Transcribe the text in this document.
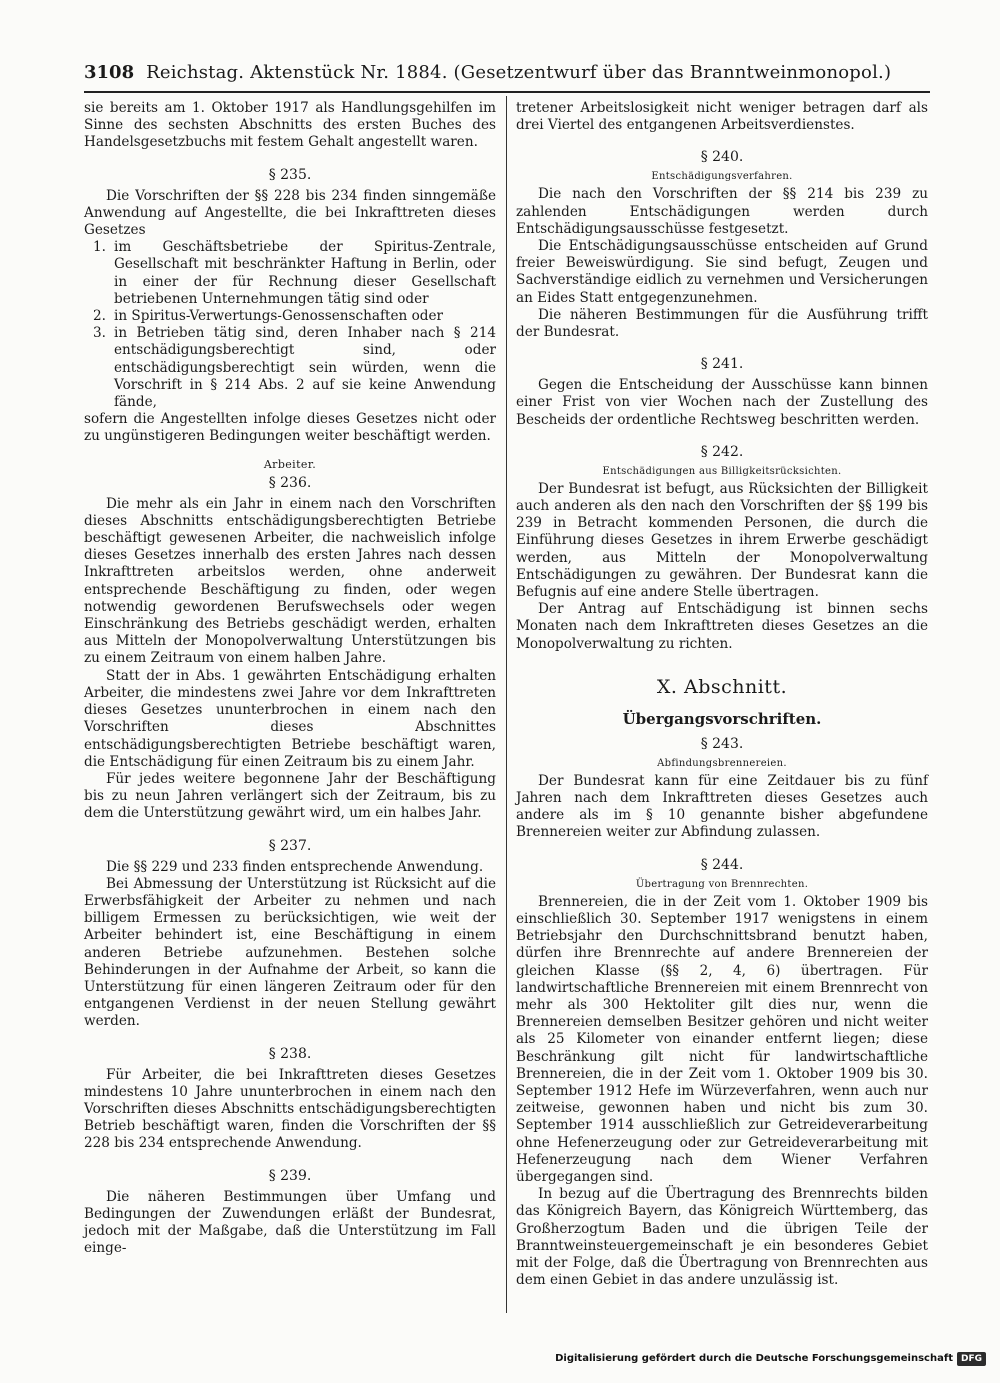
3108 Reichstag. Aktenstück Nr. 1884. (Gesetzentwurf über das Branntweinmonopol.)

sie bereits am 1. Oktober 1917 als Handlungsgehilfen im Sinne des sechsten Abschnitts des ersten Buches des Handelsgesetzbuchs mit festem Gehalt angestellt waren.

§ 235.

Die Vorschriften der §§ 228 bis 234 finden sinngemäße Anwendung auf Angestellte, die bei Inkrafttreten dieses Gesetzes

1. im Geschäftsbetriebe der Spiritus-Zentrale, Gesellschaft mit beschränkter Haftung in Berlin, oder in einer der für Rechnung dieser Gesellschaft betriebenen Unternehmungen tätig sind oder
2. in Spiritus-Verwertungs-Genossenschaften oder
3. in Betrieben tätig sind, deren Inhaber nach § 214 entschädigungsberechtigt sind, oder entschädigungsberechtigt sein würden, wenn die Vorschrift in § 214 Abs. 2 auf sie keine Anwendung fände,

sofern die Angestellten infolge dieses Gesetzes nicht oder zu ungünstigeren Bedingungen weiter beschäftigt werden.

Arbeiter.
§ 236.

Die mehr als ein Jahr in einem nach den Vorschriften dieses Abschnitts entschädigungsberechtigten Betriebe beschäftigt gewesenen Arbeiter, die nachweislich infolge dieses Gesetzes innerhalb des ersten Jahres nach dessen Inkrafttreten arbeitslos werden, ohne anderweit entsprechende Beschäftigung zu finden, oder wegen notwendig gewordenen Berufswechsels oder wegen Einschränkung des Betriebs geschädigt werden, erhalten aus Mitteln der Monopolverwaltung Unterstützungen bis zu einem Zeitraum von einem halben Jahre.

Statt der in Abs. 1 gewährten Entschädigung erhalten Arbeiter, die mindestens zwei Jahre vor dem Inkrafttreten dieses Gesetzes ununterbrochen in einem nach den Vorschriften dieses Abschnittes entschädigungsberechtigten Betriebe beschäftigt waren, die Entschädigung für einen Zeitraum bis zu einem Jahr.

Für jedes weitere begonnene Jahr der Beschäftigung bis zu neun Jahren verlängert sich der Zeitraum, bis zu dem die Unterstützung gewährt wird, um ein halbes Jahr.

§ 237.

Die §§ 229 und 233 finden entsprechende Anwendung.

Bei Abmessung der Unterstützung ist Rücksicht auf die Erwerbsfähigkeit der Arbeiter zu nehmen und nach billigem Ermessen zu berücksichtigen, wie weit der Arbeiter behindert ist, eine Beschäftigung in einem anderen Betriebe aufzunehmen. Bestehen solche Behinderungen in der Aufnahme der Arbeit, so kann die Unterstützung für einen längeren Zeitraum oder für den entgangenen Verdienst in der neuen Stellung gewährt werden.

§ 238.

Für Arbeiter, die bei Inkrafttreten dieses Gesetzes mindestens 10 Jahre ununterbrochen in einem nach den Vorschriften dieses Abschnitts entschädigungsberechtigten Betrieb beschäftigt waren, finden die Vorschriften der §§ 228 bis 234 entsprechende Anwendung.

§ 239.

Die näheren Bestimmungen über Umfang und Bedingungen der Zuwendungen erläßt der Bundesrat, jedoch mit der Maßgabe, daß die Unterstützung im Fall einge-

tretener Arbeitslosigkeit nicht weniger betragen darf als drei Viertel des entgangenen Arbeitsverdienstes.

§ 240.
Entschädigungsverfahren.

Die nach den Vorschriften der §§ 214 bis 239 zu zahlenden Entschädigungen werden durch Entschädigungsausschüsse festgesetzt.

Die Entschädigungsausschüsse entscheiden auf Grund freier Beweiswürdigung. Sie sind befugt, Zeugen und Sachverständige eidlich zu vernehmen und Versicherungen an Eides Statt entgegenzunehmen.

Die näheren Bestimmungen für die Ausführung trifft der Bundesrat.

§ 241.

Gegen die Entscheidung der Ausschüsse kann binnen einer Frist von vier Wochen nach der Zustellung des Bescheids der ordentliche Rechtsweg beschritten werden.

§ 242.
Entschädigungen aus Billigkeitsrücksichten.

Der Bundesrat ist befugt, aus Rücksichten der Billigkeit auch anderen als den nach den Vorschriften der §§ 199 bis 239 in Betracht kommenden Personen, die durch die Einführung dieses Gesetzes in ihrem Erwerbe geschädigt werden, aus Mitteln der Monopolverwaltung Entschädigungen zu gewähren. Der Bundesrat kann die Befugnis auf eine andere Stelle übertragen.

Der Antrag auf Entschädigung ist binnen sechs Monaten nach dem Inkrafttreten dieses Gesetzes an die Monopolverwaltung zu richten.

X. Abschnitt.
Übergangsvorschriften.
§ 243.
Abfindungsbrennereien.

Der Bundesrat kann für eine Zeitdauer bis zu fünf Jahren nach dem Inkrafttreten dieses Gesetzes auch andere als im § 10 genannte bisher abgefundene Brennereien weiter zur Abfindung zulassen.

§ 244.
Übertragung von Brennrechten.

Brennereien, die in der Zeit vom 1. Oktober 1909 bis einschließlich 30. September 1917 wenigstens in einem Betriebsjahr den Durchschnittsbrand benutzt haben, dürfen ihre Brennrechte auf andere Brennereien der gleichen Klasse (§§ 2, 4, 6) übertragen. Für landwirtschaftliche Brennereien mit einem Brennrecht von mehr als 300 Hektoliter gilt dies nur, wenn die Brennereien demselben Besitzer gehören und nicht weiter als 25 Kilometer von einander entfernt liegen; diese Beschränkung gilt nicht für landwirtschaftliche Brennereien, die in der Zeit vom 1. Oktober 1909 bis 30. September 1912 Hefe im Würzeverfahren, wenn auch nur zeitweise, gewonnen haben und nicht bis zum 30. September 1914 ausschließlich zur Getreideverarbeitung ohne Hefenerzeugung oder zur Getreideverarbeitung mit Hefenerzeugung nach dem Wiener Verfahren übergegangen sind.

In bezug auf die Übertragung des Brennrechts bilden das Königreich Bayern, das Königreich Württemberg, das Großherzogtum Baden und die übrigen Teile der Branntweinsteuergemeinschaft je ein besonderes Gebiet mit der Folge, daß die Übertragung von Brennrechten aus dem einen Gebiet in das andere unzulässig ist.

Digitalisierung gefördert durch die Deutsche Forschungsgemeinschaft DFG
